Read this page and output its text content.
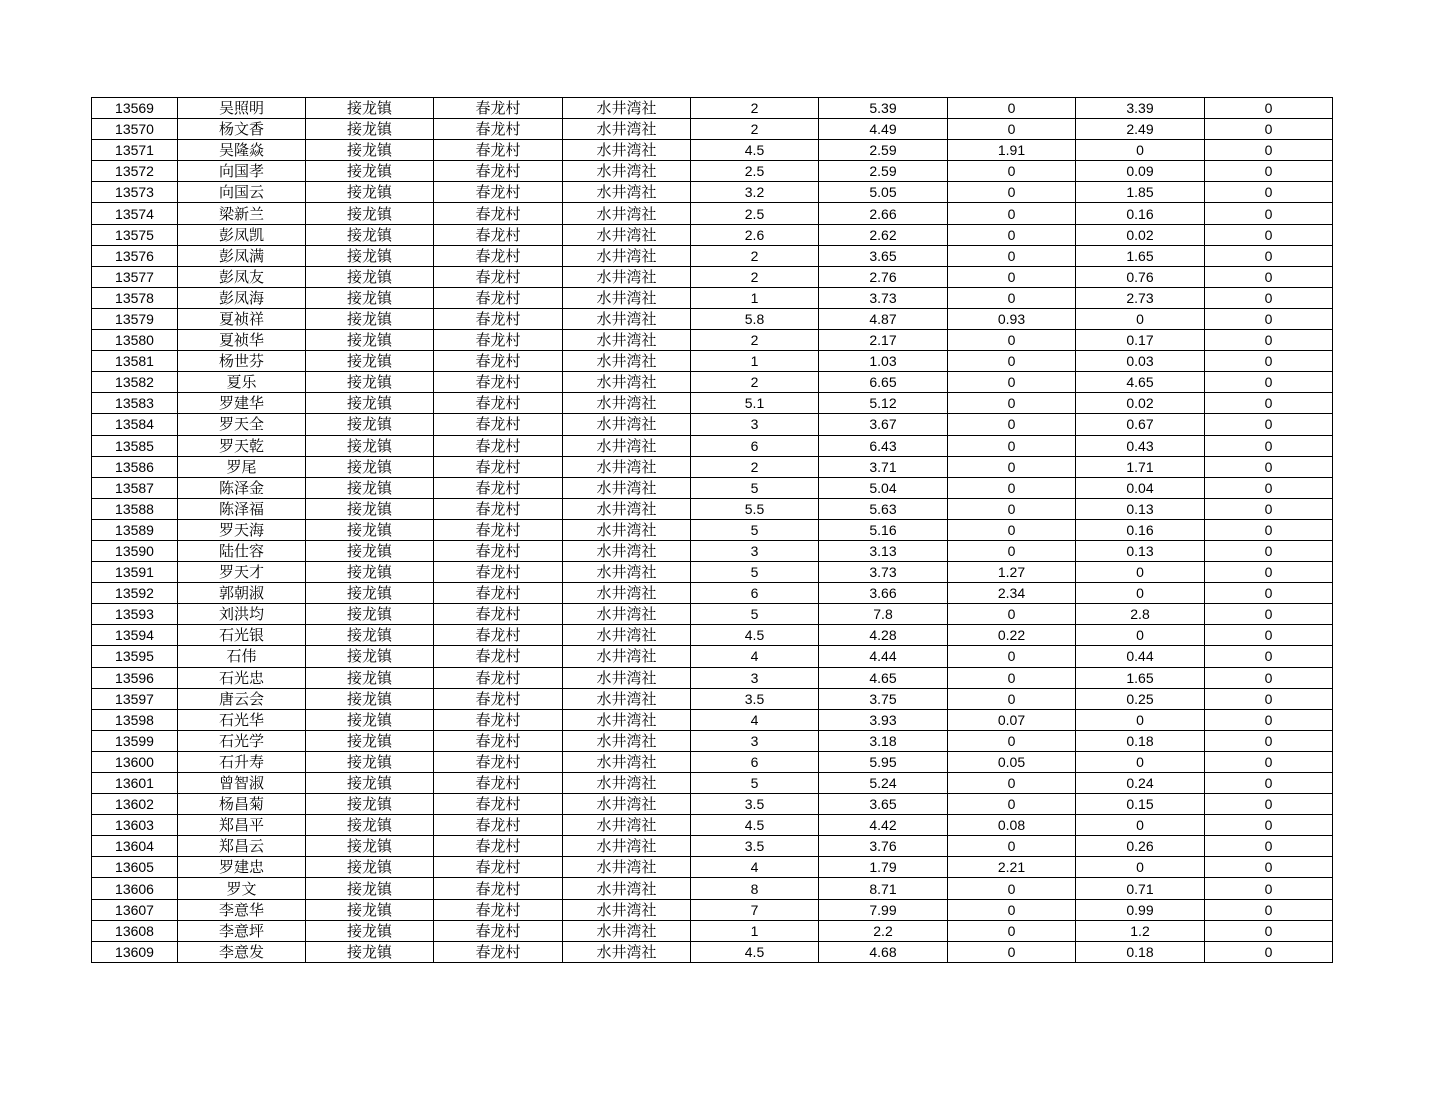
13569	吴照明	接龙镇	春龙村	水井湾社	2	5.39	0	3.39	0
13570	杨文香	接龙镇	春龙村	水井湾社	2	4.49	0	2.49	0
13571	吴隆焱	接龙镇	春龙村	水井湾社	4.5	2.59	1.91	0	0
13572	向国孝	接龙镇	春龙村	水井湾社	2.5	2.59	0	0.09	0
13573	向国云	接龙镇	春龙村	水井湾社	3.2	5.05	0	1.85	0
13574	梁新兰	接龙镇	春龙村	水井湾社	2.5	2.66	0	0.16	0
13575	彭凤凯	接龙镇	春龙村	水井湾社	2.6	2.62	0	0.02	0
13576	彭凤满	接龙镇	春龙村	水井湾社	2	3.65	0	1.65	0
13577	彭凤友	接龙镇	春龙村	水井湾社	2	2.76	0	0.76	0
13578	彭凤海	接龙镇	春龙村	水井湾社	1	3.73	0	2.73	0
13579	夏祯祥	接龙镇	春龙村	水井湾社	5.8	4.87	0.93	0	0
13580	夏祯华	接龙镇	春龙村	水井湾社	2	2.17	0	0.17	0
13581	杨世芬	接龙镇	春龙村	水井湾社	1	1.03	0	0.03	0
13582	夏乐	接龙镇	春龙村	水井湾社	2	6.65	0	4.65	0
13583	罗建华	接龙镇	春龙村	水井湾社	5.1	5.12	0	0.02	0
13584	罗天全	接龙镇	春龙村	水井湾社	3	3.67	0	0.67	0
13585	罗天乾	接龙镇	春龙村	水井湾社	6	6.43	0	0.43	0
13586	罗尾	接龙镇	春龙村	水井湾社	2	3.71	0	1.71	0
13587	陈泽金	接龙镇	春龙村	水井湾社	5	5.04	0	0.04	0
13588	陈泽福	接龙镇	春龙村	水井湾社	5.5	5.63	0	0.13	0
13589	罗天海	接龙镇	春龙村	水井湾社	5	5.16	0	0.16	0
13590	陆仕容	接龙镇	春龙村	水井湾社	3	3.13	0	0.13	0
13591	罗天才	接龙镇	春龙村	水井湾社	5	3.73	1.27	0	0
13592	郭朝淑	接龙镇	春龙村	水井湾社	6	3.66	2.34	0	0
13593	刘洪均	接龙镇	春龙村	水井湾社	5	7.8	0	2.8	0
13594	石光银	接龙镇	春龙村	水井湾社	4.5	4.28	0.22	0	0
13595	石伟	接龙镇	春龙村	水井湾社	4	4.44	0	0.44	0
13596	石光忠	接龙镇	春龙村	水井湾社	3	4.65	0	1.65	0
13597	唐云会	接龙镇	春龙村	水井湾社	3.5	3.75	0	0.25	0
13598	石光华	接龙镇	春龙村	水井湾社	4	3.93	0.07	0	0
13599	石光学	接龙镇	春龙村	水井湾社	3	3.18	0	0.18	0
13600	石升寿	接龙镇	春龙村	水井湾社	6	5.95	0.05	0	0
13601	曾智淑	接龙镇	春龙村	水井湾社	5	5.24	0	0.24	0
13602	杨昌菊	接龙镇	春龙村	水井湾社	3.5	3.65	0	0.15	0
13603	郑昌平	接龙镇	春龙村	水井湾社	4.5	4.42	0.08	0	0
13604	郑昌云	接龙镇	春龙村	水井湾社	3.5	3.76	0	0.26	0
13605	罗建忠	接龙镇	春龙村	水井湾社	4	1.79	2.21	0	0
13606	罗文	接龙镇	春龙村	水井湾社	8	8.71	0	0.71	0
13607	李意华	接龙镇	春龙村	水井湾社	7	7.99	0	0.99	0
13608	李意坪	接龙镇	春龙村	水井湾社	1	2.2	0	1.2	0
13609	李意发	接龙镇	春龙村	水井湾社	4.5	4.68	0	0.18	0
